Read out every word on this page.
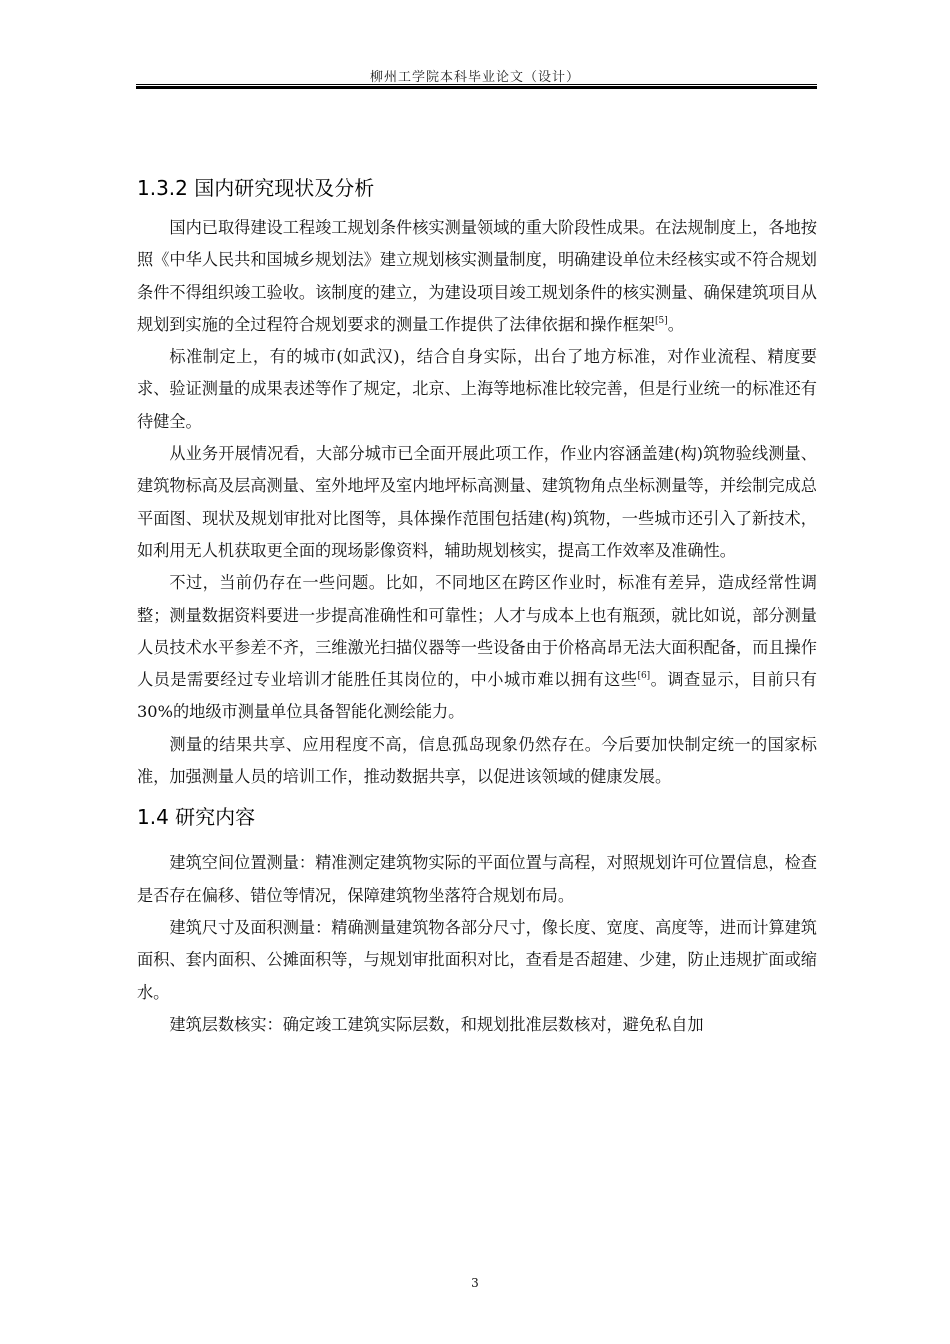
柳州工学院本科毕业论文（设计）
1.3.2 国内研究现状及分析

国内已取得建设工程竣工规划条件核实测量领域的重大阶段性成果。在法规制度上，各地按照《中华人民共和国城乡规划法》建立规划核实测量制度，明确建设单位未经核实或不符合规划条件不得组织竣工验收。该制度的建立，为建设项目竣工规划条件的核实测量、确保建筑项目从规划到实施的全过程符合规划要求的测量工作提供了法律依据和操作框架[5]。

标准制定上，有的城市(如武汉)，结合自身实际，出台了地方标准，对作业流程、精度要求、验证测量的成果表述等作了规定，北京、上海等地标准比较完善，但是行业统一的标准还有待健全。

从业务开展情况看，大部分城市已全面开展此项工作，作业内容涵盖建(构)筑物验线测量、建筑物标高及层高测量、室外地坪及室内地坪标高测量、建筑物角点坐标测量等，并绘制完成总平面图、现状及规划审批对比图等，具体操作范围包括建(构)筑物，一些城市还引入了新技术，如利用无人机获取更全面的现场影像资料，辅助规划核实，提高工作效率及准确性。

不过，当前仍存在一些问题。比如，不同地区在跨区作业时，标准有差异，造成经常性调整；测量数据资料要进一步提高准确性和可靠性；人才与成本上也有瓶颈，就比如说，部分测量人员技术水平参差不齐，三维激光扫描仪器等一些设备由于价格高昂无法大面积配备，而且操作人员是需要经过专业培训才能胜任其岗位的，中小城市难以拥有这些[6]。调查显示，目前只有 30%的地级市测量单位具备智能化测绘能力。

测量的结果共享、应用程度不高，信息孤岛现象仍然存在。今后要加快制定统一的国家标准，加强测量人员的培训工作，推动数据共享，以促进该领域的健康发展。

1.4 研究内容

建筑空间位置测量：精准测定建筑物实际的平面位置与高程，对照规划许可位置信息，检查是否存在偏移、错位等情况，保障建筑物坐落符合规划布局。

建筑尺寸及面积测量：精确测量建筑物各部分尺寸，像长度、宽度、高度等，进而计算建筑面积、套内面积、公摊面积等，与规划审批面积对比，查看是否超建、少建，防止违规扩面或缩水。

建筑层数核实：确定竣工建筑实际层数，和规划批准层数核对，避免私自加

3
